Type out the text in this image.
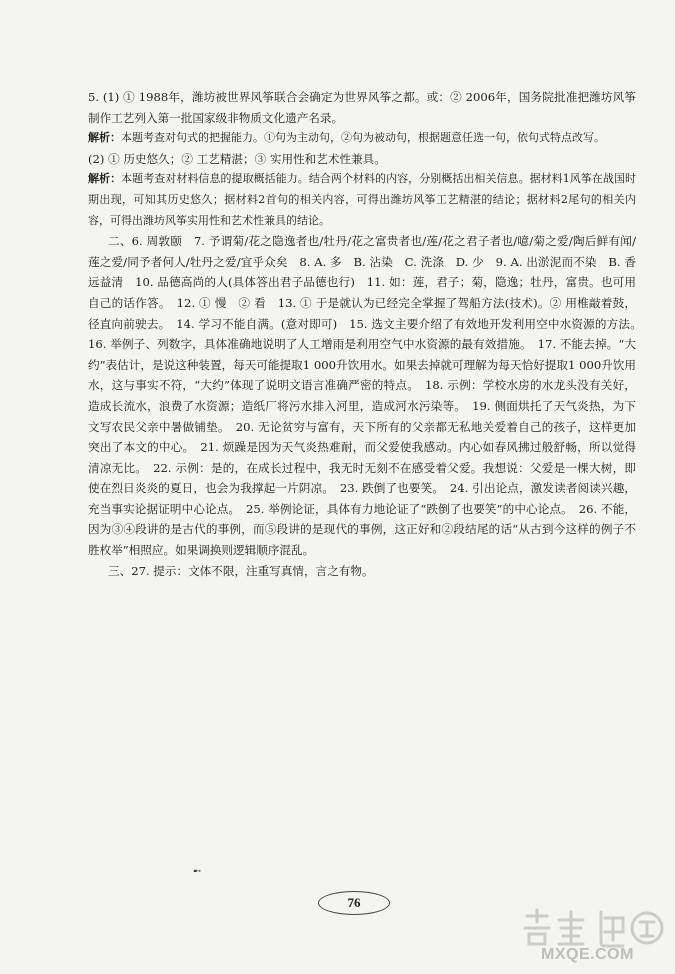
5. (1) ① 1988年，潍坊被世界风筝联合会确定为世界风筝之都。或：② 2006年，国务院批准把潍坊风筝制作工艺列入第一批国家级非物质文化遗产名录。

解析：本题考查对句式的把握能力。①句为主动句，②句为被动句，根据题意任选一句，依句式特点改写。

(2) ① 历史悠久；② 工艺精湛；③ 实用性和艺术性兼具。

解析：本题考查对材料信息的提取概括能力。结合两个材料的内容，分别概括出相关信息。据材料1风筝在战国时期出现，可知其历史悠久；据材料2首句的相关内容，可得出潍坊风筝工艺精湛的结论；据材料2尾句的相关内容，可得出潍坊风筝实用性和艺术性兼具的结论。

二、6. 周敦颐　7. 予谓菊/花之隐逸者也/牡丹/花之富贵者也/莲/花之君子者也/噫/菊之爱/陶后鲜有闻/莲之爱/同予者何人/牡丹之爱/宜乎众矣　8. A. 多　B. 沾染　C. 洗涤　D. 少　9. A. 出淤泥而不染　B. 香远益清　10. 品德高尚的人(具体答出君子品德也行)　11. 如：莲，君子；菊，隐逸；牡丹，富贵。也可用自己的话作答。　12. ① 慢　② 看　13. ① 于是就认为已经完全掌握了驾船方法(技术)。② 用椎敲着鼓，径直向前驶去。　14. 学习不能自满。(意对即可)　15. 选文主要介绍了有效地开发利用空中水资源的方法。　16. 举例子、列数字，具体准确地说明了人工增雨是利用空气中水资源的最有效措施。　17. 不能去掉。“大约”表估计，是说这种装置，每天可能提取1 000升饮用水。如果去掉就可理解为每天恰好提取1 000升饮用水，这与事实不符，“大约”体现了说明文语言准确严密的特点。　18. 示例：学校水房的水龙头没有关好，造成长流水，浪费了水资源；造纸厂将污水排入河里，造成河水污染等。　19. 侧面烘托了天气炎热，为下文写农民父亲中暑做铺垫。　20. 无论贫穷与富有，天下所有的父亲都无私地关爱着自己的孩子，这样更加突出了本文的中心。　21. 烦躁是因为天气炎热难耐，而父爱使我感动。内心如春风拂过般舒畅，所以觉得清凉无比。　22. 示例：是的，在成长过程中，我无时无刻不在感受着父爱。我想说：父爱是一棵大树，即使在烈日炎炎的夏日，也会为我撑起一片阴凉。　23. 跌倒了也要笑。　24. 引出论点，激发读者阅读兴趣，充当事实论据证明中心论点。　25. 举例论证，具体有力地论证了“跌倒了也要笑”的中心论点。　26. 不能，因为③④段讲的是古代的事例，而⑤段讲的是现代的事例，这正好和②段结尾的话“从古到今这样的例子不胜枚举”相照应。如果调换则逻辑顺序混乱。

三、27. 提示：文体不限，注重写真情，言之有物。

➸
76
MXQE.COM
